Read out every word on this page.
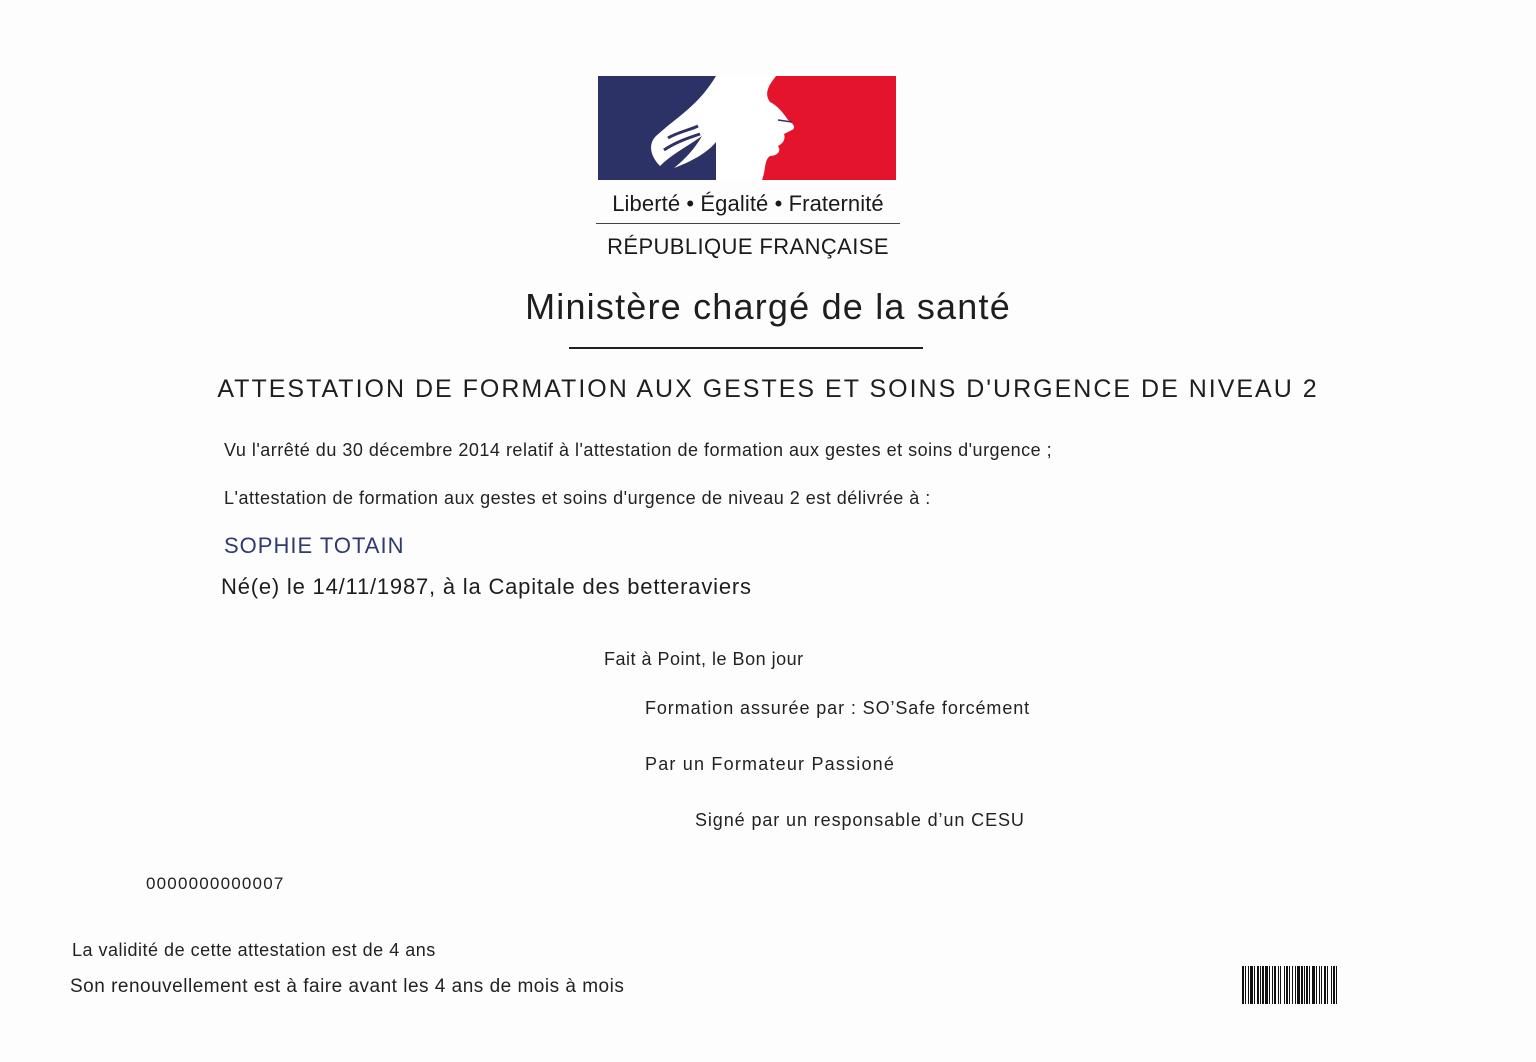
Liberté • Égalité • Fraternité
RÉPUBLIQUE FRANÇAISE
Ministère chargé de la santé
ATTESTATION DE FORMATION AUX GESTES ET SOINS D'URGENCE DE NIVEAU 2
Vu l'arrêté du 30 décembre 2014 relatif à l'attestation de formation aux gestes et soins d'urgence ;
L'attestation de formation aux gestes et soins d'urgence de niveau 2 est délivrée à :
SOPHIE TOTAIN
Né(e) le 14/11/1987, à la Capitale des betteraviers
Fait à Point, le Bon jour
Formation assurée par : SO’Safe forcément
Par un Formateur Passioné
Signé par un responsable d’un CESU
0000000000007
La validité de cette attestation est de 4 ans
Son renouvellement est à faire avant les 4 ans de mois à mois
